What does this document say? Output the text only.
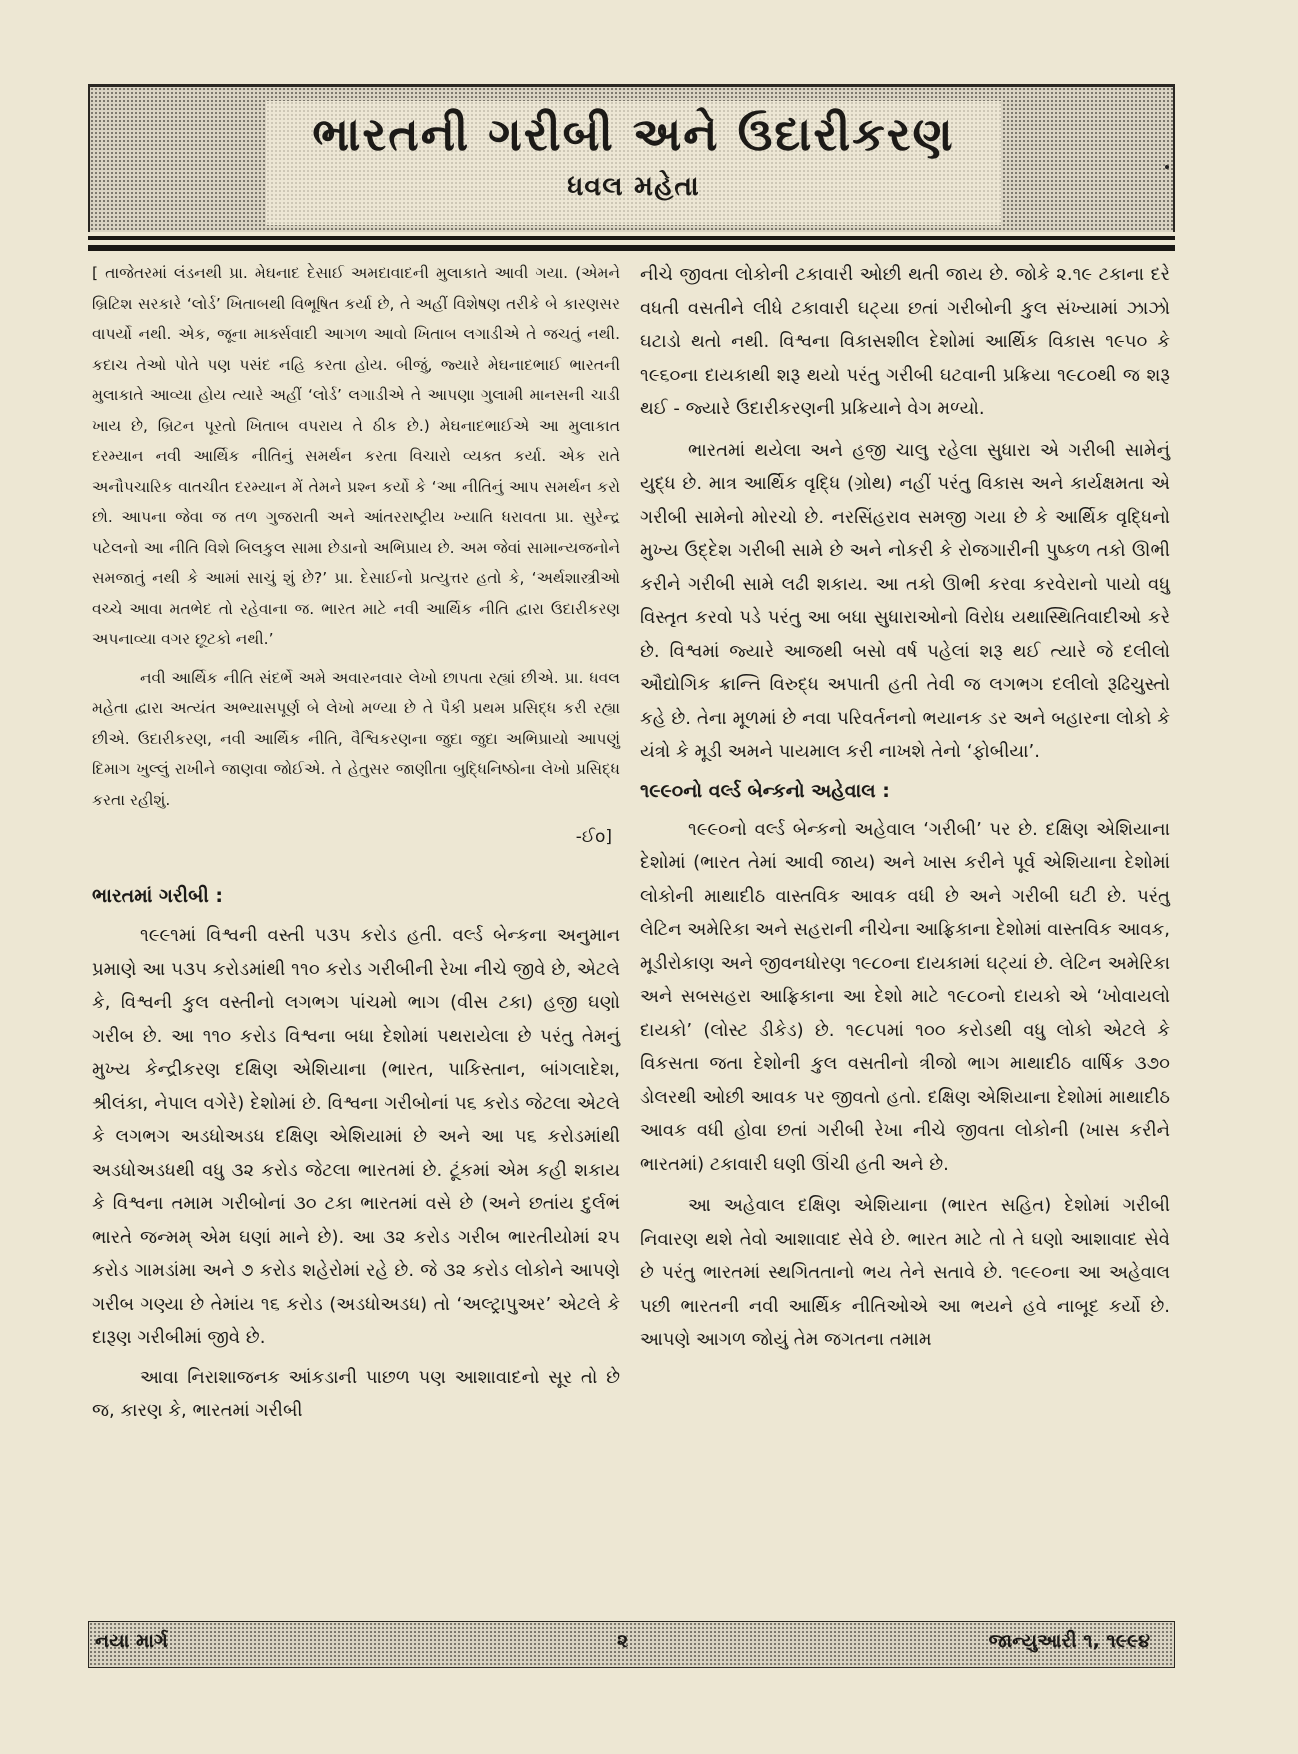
ભારતની ગરીબી અને ઉદારીકરણ
ધવલ મહેતા

[ તાજેતરમાં લંડનથી પ્રા. મેઘનાદ દેસાઈ અમદાવાદની મુલાકાતે આવી ગયા. (એમને બ્રિટિશ સરકારે ‘લોર્ડ’ ખિતાબથી વિભૂષિત કર્યા છે, તે અહીં વિશેષણ તરીકે બે કારણસર વાપર્યો નથી. એક, જૂના માર્ક્સવાદી આગળ આવો ખિતાબ લગાડીએ તે જચતું નથી. કદાચ તેઓ પોતે પણ પસંદ નહિ કરતા હોય. બીજું, જ્યારે મેઘનાદભાઈ ભારતની મુલાકાતે આવ્યા હોય ત્યારે અહીં ‘લોર્ડ’ લગાડીએ તે આપણા ગુલામી માનસની ચાડી ખાય છે, બ્રિટન પૂરતો ખિતાબ વપરાય તે ઠીક છે.) મેઘનાદભાઈએ આ મુલાકાત દરમ્યાન નવી આર્થિક નીતિનું સમર્થન કરતા વિચારો વ્યક્ત કર્યા. એક રાતે અનૌપચારિક વાતચીત દરમ્યાન મેં તેમને પ્રશ્ન કર્યો કે ‘આ નીતિનું આપ સમર્થન કરો છો. આપના જેવા જ તળ ગુજરાતી અને આંતરરાષ્ટ્રીય ખ્યાતિ ધરાવતા પ્રા. સુરેન્દ્ર પટેલનો આ નીતિ વિશે બિલકુલ સામા છેડાનો અભિપ્રાય છે. અમ જેવાં સામાન્યજનોને સમજાતું નથી કે આમાં સાચું શું છે?’ પ્રા. દેસાઈનો પ્રત્યુત્તર હતો કે, ‘અર્થશાસ્ત્રીઓ વચ્ચે આવા મતભેદ તો રહેવાના જ. ભારત માટે નવી આર્થિક નીતિ દ્વારા ઉદારીકરણ અપનાવ્યા વગર છૂટકો નથી.’

નવી આર્થિક નીતિ સંદર્ભે અમે અવારનવાર લેખો છાપતા રહ્યાં છીએ. પ્રા. ધવલ મહેતા દ્વારા અત્યંત અભ્યાસપૂર્ણ બે લેખો મળ્યા છે તે પૈકી પ્રથમ પ્રસિદ્ધ કરી રહ્યા છીએ. ઉદારીકરણ, નવી આર્થિક નીતિ, વૈશ્વિકરણના જુદા જુદા અભિપ્રાયો આપણું દિમાગ ખુલ્લું રાખીને જાણવા જોઈએ. તે હેતુસર જાણીતા બુદ્ધિનિષ્ઠોના લેખો પ્રસિદ્ધ કરતા રહીશું.

-ઈo]

ભારતમાં ગરીબી :

૧૯૯૧માં વિશ્વની વસ્તી ૫૩૫ કરોડ હતી. વર્લ્ડ બેન્કના અનુમાન પ્રમાણે આ ૫૩૫ કરોડમાંથી ૧૧૦ કરોડ ગરીબીની રેખા નીચે જીવે છે, એટલે કે, વિશ્વની કુલ વસ્તીનો લગભગ પાંચમો ભાગ (વીસ ટકા) હજી ઘણો ગરીબ છે. આ ૧૧૦ કરોડ વિશ્વના બધા દેશોમાં પથરાયેલા છે પરંતુ તેમનું મુખ્ય કેન્દ્રીકરણ દક્ષિણ એશિયાના (ભારત, પાકિસ્તાન, બાંગલાદેશ, શ્રીલંકા, નેપાલ વગેરે) દેશોમાં છે. વિશ્વના ગરીબોનાં ૫૬ કરોડ જેટલા એટલે કે લગભગ અડધોઅડધ દક્ષિણ એશિયામાં છે અને આ ૫૬ કરોડમાંથી અડધોઅડધથી વધુ ૩૨ કરોડ જેટલા ભારતમાં છે. ટૂંકમાં એમ કહી શકાય કે વિશ્વના તમામ ગરીબોનાં ૩૦ ટકા ભારતમાં વસે છે (અને છતાંય દુર્લભં ભારતે જન્મમ્ એમ ઘણાં માને છે). આ ૩૨ કરોડ ગરીબ ભારતીયોમાં ૨૫ કરોડ ગામડાંમા અને ૭ કરોડ શહેરોમાં રહે છે. જે ૩૨ કરોડ લોકોને આપણે ગરીબ ગણ્યા છે તેમાંય ૧૬ કરોડ (અડધોઅડધ) તો ‘અલ્ટ્રાપુઅર’ એટલે કે દારૂણ ગરીબીમાં જીવે છે.

આવા નિરાશાજનક આંકડાની પાછળ પણ આશાવાદનો સૂર તો છે જ, કારણ કે, ભારતમાં ગરીબી

નીચે જીવતા લોકોની ટકાવારી ઓછી થતી જાય છે. જોકે ૨.૧૯ ટકાના દરે વધતી વસતીને લીધે ટકાવારી ઘટ્યા છતાં ગરીબોની કુલ સંખ્યામાં ઝાઝો ઘટાડો થતો નથી. વિશ્વના વિકાસશીલ દેશોમાં આર્થિક વિકાસ ૧૯૫૦ કે ૧૯૬૦ના દાયકાથી શરૂ થયો પરંતુ ગરીબી ઘટવાની પ્રક્રિયા ૧૯૮૦થી જ શરૂ થઈ - જ્યારે ઉદારીકરણની પ્રક્રિયાને વેગ મળ્યો.

ભારતમાં થયેલા અને હજી ચાલુ રહેલા સુધારા એ ગરીબી સામેનું યુદ્ધ છે. માત્ર આર્થિક વૃદ્ધિ (ગ્રોથ) નહીં પરંતુ વિકાસ અને કાર્યક્ષમતા એ ગરીબી સામેનો મોરચો છે. નરસિંહરાવ સમજી ગયા છે કે આર્થિક વૃદ્ધિનો મુખ્ય ઉદ્દેશ ગરીબી સામે છે અને નોકરી કે રોજગારીની પુષ્કળ તકો ઊભી કરીને ગરીબી સામે લઢી શકાય. આ તકો ઊભી કરવા કરવેરાનો પાયો વધુ વિસ્તૃત કરવો પડે પરંતુ આ બધા સુધારાઓનો વિરોધ યથાસ્થિતિવાદીઓ કરે છે. વિશ્વમાં જ્યારે આજથી બસો વર્ષ પહેલાં શરૂ થઈ ત્યારે જે દલીલો ઔદ્યોગિક ક્રાન્તિ વિરુદ્ધ અપાતી હતી તેવી જ લગભગ દલીલો રૂઢિચુસ્તો કહે છે. તેના મૂળમાં છે નવા પરિવર્તનનો ભયાનક ડર અને બહારના લોકો કે યંત્રો કે મૂડી અમને પાયમાલ કરી નાખશે તેનો ‘ફોબીયા’.

૧૯૯૦નો વર્લ્ડ બેન્કનો અહેવાલ :

૧૯૯૦નો વર્લ્ડ બેન્કનો અહેવાલ ‘ગરીબી’ પર છે. દક્ષિણ એશિયાના દેશોમાં (ભારત તેમાં આવી જાય) અને ખાસ કરીને પૂર્વ એશિયાના દેશોમાં લોકોની માથાદીઠ વાસ્તવિક આવક વધી છે અને ગરીબી ઘટી છે. પરંતુ લેટિન અમેરિકા અને સહરાની નીચેના આફ્રિકાના દેશોમાં વાસ્તવિક આવક, મૂડીરોકાણ અને જીવનધોરણ ૧૯૮૦ના દાયકામાં ઘટ્યાં છે. લેટિન અમેરિકા અને સબસહરા આફ્રિકાના આ દેશો માટે ૧૯૮૦નો દાયકો એ ‘ખોવાયલો દાયકો’ (લોસ્ટ ડીકેડ) છે. ૧૯૮૫માં ૧૦૦ કરોડથી વધુ લોકો એટલે કે વિકસતા જતા દેશોની કુલ વસતીનો ત્રીજો ભાગ માથાદીઠ વાર્ષિક ૩૭૦ ડોલરથી ઓછી આવક પર જીવતો હતો. દક્ષિણ એશિયાના દેશોમાં માથાદીઠ આવક વધી હોવા છતાં ગરીબી રેખા નીચે જીવતા લોકોની (ખાસ કરીને ભારતમાં) ટકાવારી ઘણી ઊંચી હતી અને છે.

આ અહેવાલ દક્ષિણ એશિયાના (ભારત સહિત) દેશોમાં ગરીબી નિવારણ થશે તેવો આશાવાદ સેવે છે. ભારત માટે તો તે ઘણો આશાવાદ સેવે છે પરંતુ ભારતમાં સ્થગિતતાનો ભય તેને સતાવે છે. ૧૯૯૦ના આ અહેવાલ પછી ભારતની નવી આર્થિક નીતિઓએ આ ભયને હવે નાબૂદ કર્યો છે. આપણે આગળ જોયું તેમ જગતના તમામ

નયા માર્ગ	૨	જાન્યુઆરી ૧, ૧૯૯૪
